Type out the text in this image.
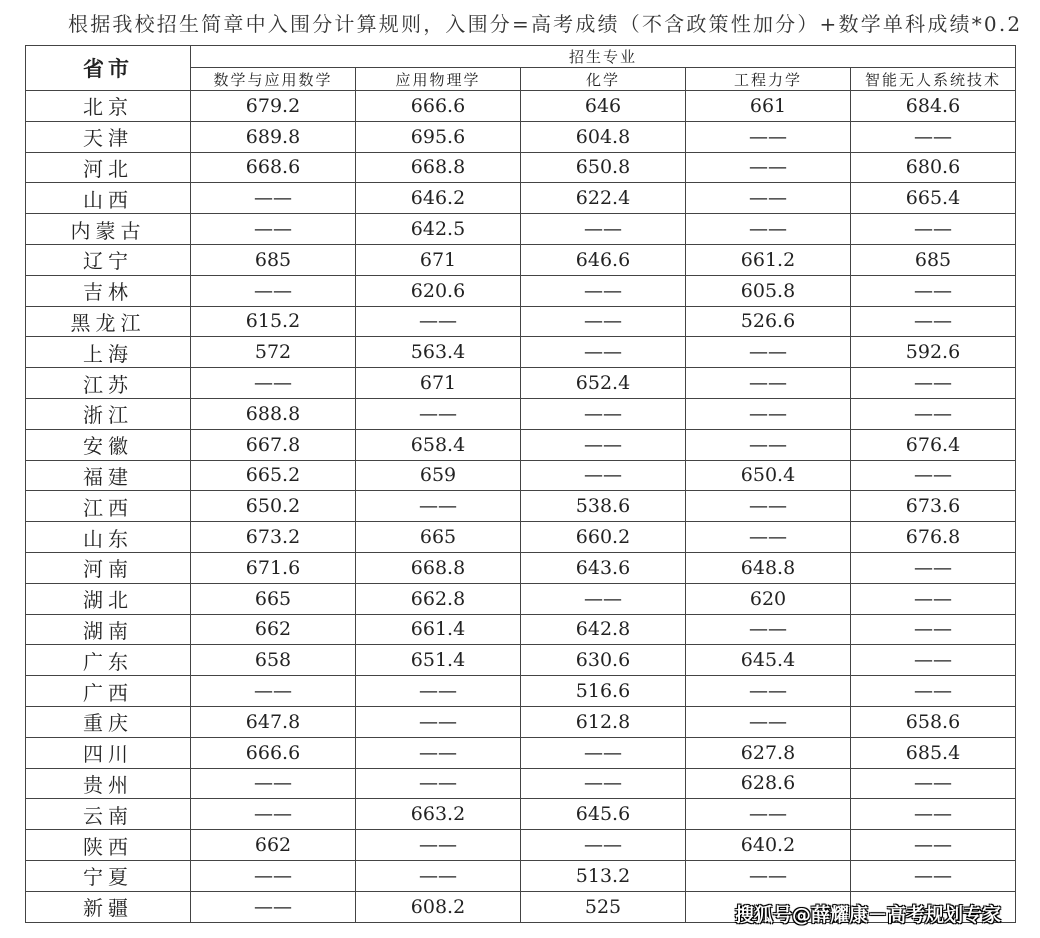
根据我校招生简章中入围分计算规则，入围分=高考成绩（不含政策性加分）+数学单科成绩*0.2
省市	招生专业				
	数学与应用数学	应用物理学	化学	工程力学	智能无人系统技术
北京	679.2	666.6	646	661	684.6
天津	689.8	695.6	604.8	——	——
河北	668.6	668.8	650.8	——	680.6
山西	——	646.2	622.4	——	665.4
内蒙古	——	642.5	——	——	——
辽宁	685	671	646.6	661.2	685
吉林	——	620.6	——	605.8	——
黑龙江	615.2	——	——	526.6	——
上海	572	563.4	——	——	592.6
江苏	——	671	652.4	——	——
浙江	688.8	——	——	——	——
安徽	667.8	658.4	——	——	676.4
福建	665.2	659	——	650.4	——
江西	650.2	——	538.6	——	673.6
山东	673.2	665	660.2	——	676.8
河南	671.6	668.8	643.6	648.8	——
湖北	665	662.8	——	620	——
湖南	662	661.4	642.8	——	——
广东	658	651.4	630.6	645.4	——
广西	——	——	516.6	——	——
重庆	647.8	——	612.8	——	658.6
四川	666.6	——	——	627.8	685.4
贵州	——	——	——	628.6	——
云南	——	663.2	645.6	——	——
陕西	662	——	——	640.2	——
宁夏	——	——	513.2	——	——
新疆	——	608.2	525			搜狐号@薛耀康－高考规划专家
